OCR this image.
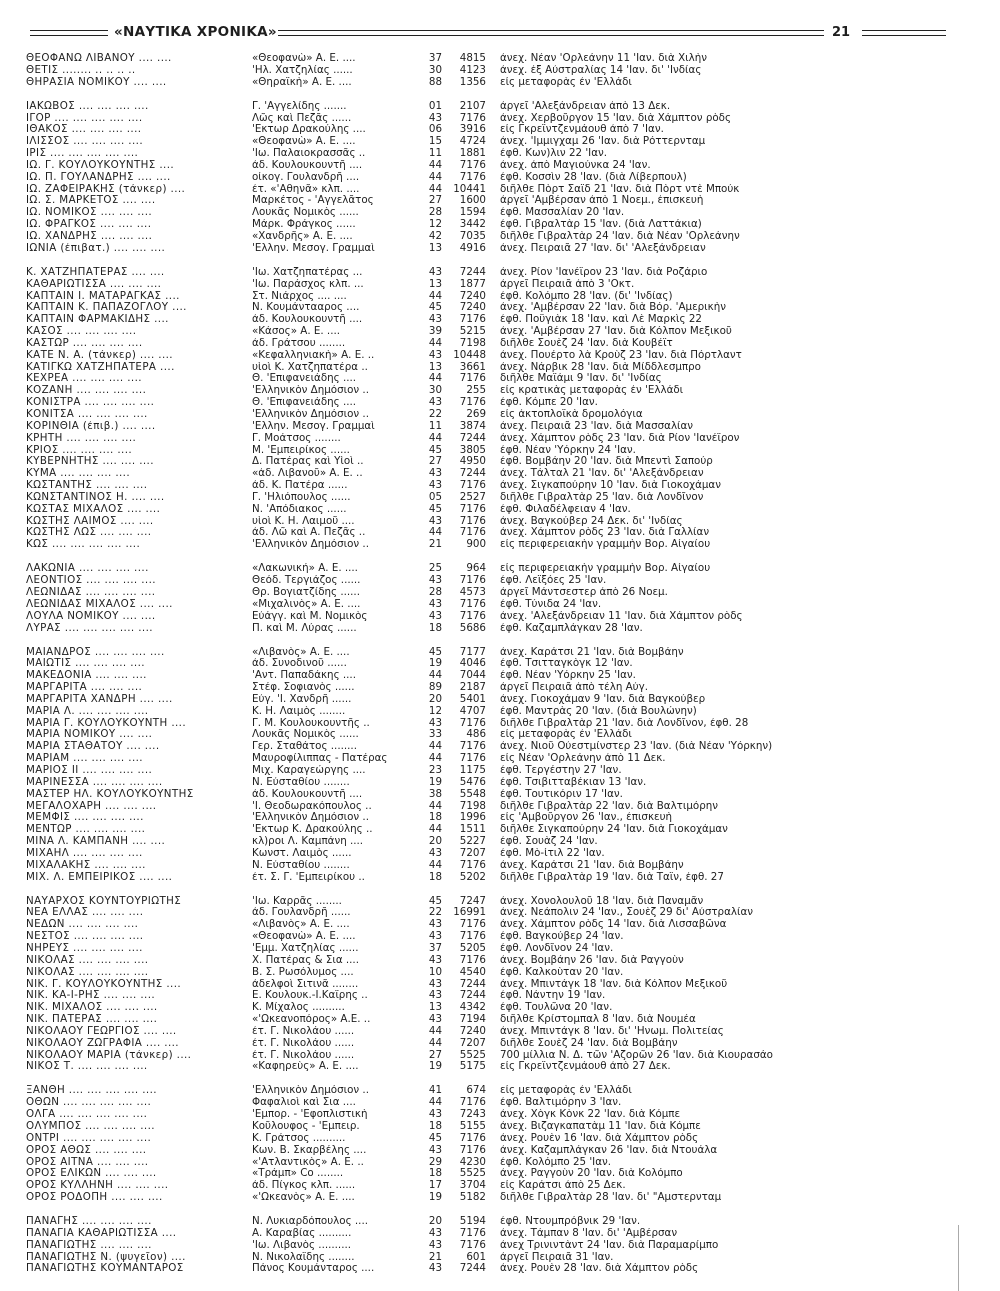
«ΝΑΥΤΙΚΑ ΧΡΟΝΙΚΑ»	21
ΘΕΟΦΑΝΩ ΛΙΒΑΝΟΥ .... ....	«Θεοφανὼ» Α. Ε. ....	37	4815 ἀνεχ. Νέαν 'Ορλεάνην 11 'Ιαν. διὰ Χιλὴν
ΘΕΤΙΣ ........ .. .. .. ..	'Ηλ. Χατζηλίας ......	30	4123 ἀνεχ. ἐξ Αὐστραλίας 14 'Ιαν. δι' 'Ινδίας
ΘΗΡΑΣΙΑ ΝΟΜΙΚΟΥ .... ....	«Θηραϊκὴ» Α. Ε. ....	88	1356 εἰς μεταφορὰς ἐν 'Ελλάδι
ΙΑΚΩΒΟΣ .... .... .... ....	Γ. 'Αγγελίδης .......	01	2107 ἀργεῖ 'Αλεξάνδρειαν ἀπὸ 13 Δεκ.
ΙΓΟΡ .... .... .... .... ....	Λῶς καὶ Πεζᾶς ......	43	7176 ἀνεχ. Χερβοῦργον 15 'Ιαν. διὰ Χάμπτον ρὸδς
ΙΘΑΚΟΣ .... .... .... ....	'Εκτωρ Δρακούλης ....	06	3916 εἰς Γκρεϊντζενμάουθ ἀπὸ 7 'Ιαν.
ΙΛΙΣΣΟΣ .... .... .... ....	«Θεοφανὼ» Α. Ε. ....	15	4724 ἀνεχ. 'Ιμμιγχαμ 26 'Ιαν. διὰ Ρόττερνταμ
ΙΡΙΣ .... .... .... .... ....	'Ιω. Παλαιοκρασσᾶς ..	11	1881 ἐφθ. Κων)λιν 22 'Ιαν.
ΙΩ. Γ. ΚΟΥΛΟΥΚΟΥΝΤΗΣ ....	ἀδ. Κουλουκουντῆ ....	44	7176 ἀνεχ. ἀπὸ Μαγιούνκα 24 'Ιαν.
ΙΩ. Π. ΓΟΥΛΑΝΔΡΗΣ .... ....	οἰκογ. Γουλανδρῆ ....	44	7176 ἐφθ. Κοσσὶν 28 'Ιαν. (διὰ Λίβερπουλ)
ΙΩ. ΖΑΦΕΙΡΑΚΗΣ (τάνκερ) ....	ἐτ. «'Αθηνᾶ» κλπ. ....	44	10441 διῆλθε Πὸρτ Σαΐδ 21 'Ιαν. διὰ Πὸρτ ντὲ Μπούκ
ΙΩ. Σ. ΜΑΡΚΕΤΟΣ .... ....	Μαρκέτος - 'Αγγελᾶτος	27	1600 ἀργεῖ 'Αμβέρσαν ἀπὸ 1 Νοεμ., ἐπισκευὴ
ΙΩ. ΝΟΜΙΚΟΣ .... .... ....	Λουκᾶς Νομικὸς ......	28	1594 ἐφθ. Μασσαλίαν 20 'Ιαν.
ΙΩ. ΦΡΑΓΚΟΣ .... .... ....	Μάρκ. Φράγκος ......	12	3442 ἐφθ. Γιβραλτὰρ 15 'Ιαν. (διὰ Λαττάκια)
ΙΩ. ΧΑΝΔΡΗΣ .... .... ....	«Χανδρῆς» Α. Ε. ....	42	7035 διῆλθε Γιβραλτὰρ 24 'Ιαν. διὰ Νέαν 'Ορλεάνην
ΙΩΝΙΑ (ἐπιβατ.) .... .... ....	'Ελλην. Μεσογ. Γραμμαὶ	13	4916 ἀνεχ. Πειραιᾶ 27 'Ιαν. δι' 'Αλεξάνδρειαν
Κ. ΧΑΤΖΗΠΑΤΕΡΑΣ .... ....	'Ιω. Χατζηπατέρας ...	43	7244 ἀνεχ. Ρίον 'Ιανέϊρον 23 'Ιαν. διὰ Ροζάριο
ΚΑΘΑΡΙΩΤΙΣΣΑ .... .... ....	'Ιω. Παράσχος κλπ. ...	13	1877 ἀργεῖ Πειραιᾶ ἀπὸ 3 'Οκτ.
ΚΑΠΤΑΙΝ Ι. ΜΑΤΑΡΑΓΚΑΣ ....	Στ. Νιάρχος .... ....	44	7240 ἐφθ. Κολόμπο 28 'Ιαν. (δι' 'Ινδίας)
ΚΑΠΤΑΙΝ Κ. ΠΑΠΑΖΟΓΛΟΥ ....	Ν. Κουμάντααρος ....	45	7240 ἀνεχ. 'Αμβέρσαν 22 'Ιαν. διὰ Βόρ. 'Αμερικὴν
ΚΑΠΤΑΙΝ ΦΑΡΜΑΚΙΔΗΣ ....	ἀδ. Κουλουκουντῆ ....	43	7176 ἐφθ. Ποϋγιὰκ 18 'Ιαν. καὶ Λὲ Μαρκὶς 22
ΚΑΣΟΣ .... .... .... ....	«Κάσος» Α. Ε. ....	39	5215 ἀνεχ. 'Αμβέρσαν 27 'Ιαν. διὰ Κόλπον Μεξικοῦ
ΚΑΣΤΩΡ .... .... .... ....	ἀδ. Γράτσου ........	44	7198 διῆλθε Σουὲζ 24 'Ιαν. διὰ Κουβέϊτ
ΚΑΤΕ Ν. Α. (τάνκερ) .... ....	«Κεφαλληνιακὴ» Α. Ε. ..	43	10448 ἀνεχ. Πουέρτο λὰ Κροὺζ 23 'Ιαν. διὰ Πόρτλαντ
ΚΑΤΙΓΚΩ ΧΑΤΖΗΠΑΤΕΡΑ ....	υἱοὶ Κ. Χατζηπατέρα ..	13	3661 ἀνεχ. Νάρβικ 28 'Ιαν. διὰ Μίδδλεσμπρο
ΚΕΧΡΕΑ .... .... .... ....	Θ. 'Επιφανειάδης ....	44	7176 διῆλθε Μαϊάμι 9 'Ιαν. δι' 'Ινδίας
ΚΟΖΑΝΗ .... .... .... ....	'Ελληνικὸν Δημόσιον ..	30	255 εἰς κρατικὰς μεταφορὰς ἐν 'Ελλάδι
ΚΟΝΙΣΤΡΑ .... .... .... ....	Θ. 'Επιφανειάδης ....	43	7176 ἐφθ. Κόμπε 20 'Ιαν.
ΚΟΝΙΤΣΑ .... .... .... ....	'Ελληνικὸν Δημόσιον ..	22	269 εἰς ἀκτοπλοϊκὰ δρομολόγια
ΚΟΡΙΝΘΙΑ (ἐπιβ.) .... ....	'Ελλην. Μεσογ. Γραμμαὶ	11	3874 ἀνεχ. Πειραιᾶ 23 'Ιαν. διὰ Μασσαλίαν
ΚΡΗΤΗ .... .... .... ....	Γ. Μοάτσος ........	44	7244 ἀνεχ. Χάμπτον ρὸδς 23 'Ιαν. διὰ Ρίον 'Ιανέϊρον
ΚΡΙΟΣ .... .... .... ....	Μ. 'Εμπειρίκος ......	45	3805 ἐφθ. Νέαν 'Υόρκην 24 'Ιαν.
ΚΥΒΕΡΝΗΤΗΣ .... .... ....	Δ. Πατέρας καὶ Υἱοὶ ..	27	4950 ἐφθ. Βομβάην 20 'Ιαν. διὰ Μπεντὶ Σαπούρ
ΚΥΜΑ .... .... .... ....	«ἀδ. Λιβανοῦ» Α. Ε. ..	43	7244 ἀνεχ. Τάλταλ 21 'Ιαν. δι' 'Αλεξάνδρειαν
ΚΩΣΤΑΝΤΗΣ .... .... ....	ἀδ. Κ. Πατέρα ......	43	7176 ἀνεχ. Σιγκαπούρην 10 'Ιαν. διὰ Γιοκοχάμαν
ΚΩΝΣΤΑΝΤΙΝΟΣ Η. .... ....	Γ. 'Ηλιόπουλος ......	05	2527 διῆλθε Γιβραλτὰρ 25 'Ιαν. διὰ Λονδῖνον
ΚΩΣΤΑΣ ΜΙΧΑΛΟΣ .... ....	Ν. 'Απόδιακος ......	45	7176 ἐφθ. Φιλαδέλφειαν 4 'Ιαν.
ΚΩΣΤΗΣ ΛΑΙΜΟΣ .... ....	υἱοὶ Κ. Η. Λαιμοῦ ....	43	7176 ἀνεχ. Βαγκούβερ 24 Δεκ. δι' 'Ινδίας
ΚΩΣΤΗΣ ΛΩΣ .... .... ....	ἀδ. Λῶ καὶ Α. Πεζᾶς ..	44	7176 ἀνεχ. Χάμπτον ρὸδς 23 'Ιαν. διὰ Γαλλίαν
ΚΩΣ .... .... .... .... ....	'Ελληνικὸν Δημόσιον ..	21	900 εἰς περιφερειακὴν γραμμὴν Βορ. Αἰγαίου
ΛΑΚΩΝΙΑ .... .... .... ....	«Λακωνική» Α. Ε. ....	25	964 εἰς περιφερειακὴν γραμμὴν Βορ. Αἰγαίου
ΛΕΟΝΤΙΟΣ .... .... .... ....	Θεόδ. Τεργιάζος ......	43	7176 ἐφθ. Λεϊξόες 25 'Ιαν.
ΛΕΩΝΙΔΑΣ .... .... .... ....	Θρ. Βογιατζίδης ......	28	4573 ἀργεῖ Μάντσεστερ ἀπὸ 26 Νοεμ.
ΛΕΩΝΙΔΑΣ ΜΙΧΑΛΟΣ .... ....	«Μιχαλινὸς» Α. Ε. ....	43	7176 ἐφθ. Τύνιδα 24 'Ιαν.
ΛΟΥΛΑ ΝΟΜΙΚΟΥ .... ....	Εὐάγγ. καὶ Μ. Νομικὸς	43	7176 ἀνεχ. 'Αλεξάνδρειαν 11 'Ιαν. διὰ Χάμπτον ρὸδς
ΛΥΡΑΣ .... .... .... .... ....	Π. καὶ Μ. Λύρας ......	18	5686 ἐφθ. Καζαμπλάγκαν 28 'Ιαν.
ΜΑΙΑΝΔΡΟΣ .... .... .... ....	«Λιβανὸς» Α. Ε. ....	45	7177 ἀνεχ. Καράτσι 21 'Ιαν. διὰ Βομβάην
ΜΑΙΩΤΙΣ .... .... .... ....	ἀδ. Συνοδινοῦ ......	19	4046 ἐφθ. Τσιτταγκὸγκ 12 'Ιαν.
ΜΑΚΕΔΟΝΙΑ .... .... ....	'Αντ. Παπαδάκης ....	44	7044 ἐφθ. Νέαν 'Υόρκην 25 'Ιαν.
ΜΑΡΓΑΡΙΤΑ .... .... ....	Στέφ. Σοφιανὸς ......	89	2187 ἀργεῖ Πειραιᾶ ἀπὸ τέλη Αὐγ.
ΜΑΡΓΑΡΙΤΑ ΧΑΝΔΡΗ .... ....	Εὐγ. 'Ι. Χανδρῆ ......	20	5401 ἀνεχ. Γιοκοχάμαν 9 'Ιαν. διὰ Βαγκούβερ
ΜΑΡΙΑ Λ. .... .... .... ....	Κ. Η. Λαιμὸς ........	12	4707 ἐφθ. Μαντρὰς 20 'Ιαν. (διὰ Βουλώνην)
ΜΑΡΙΑ Γ. ΚΟΥΛΟΥΚΟΥΝΤΗ ....	Γ. Μ. Κουλουκουντῆς ..	43	7176 διῆλθε Γιβραλτὰρ 21 'Ιαν. διὰ Λονδῖνον, ἐφθ. 28
ΜΑΡΙΑ ΝΟΜΙΚΟΥ .... ....	Λουκᾶς Νομικὸς ......	33	486 εἰς μεταφορὰς ἐν 'Ελλάδι
ΜΑΡΙΑ ΣΤΑΘΑΤΟΥ .... ....	Γερ. Σταθάτος ........	44	7176 ἀνεχ. Νιοῦ Οὐεστμίνστερ 23 'Ιαν. (διὰ Νέαν 'Υόρκην)
ΜΑΡΙΑΜ .... .... .... ....	Μαυροφίλιππας - Πατέρας	44	7176 εἰς Νέαν 'Ορλεάνην ἀπὸ 11 Δεκ.
ΜΑΡΙΟΣ ΙΙ .... .... .... ....	Μιχ. Καραγεώργης ....	23	1175 ἐφθ. Τεργέστην 27 'Ιαν.
ΜΑΡΙΝΕΣΣΑ .... .... .... ....	Ν. Εὐσταθίου ........	19	5476 ἐφθ. Τσιβιτταβέκιαν 13 'Ιαν.
ΜΑΣΤΕΡ ΗΛ. ΚΟΥΛΟΥΚΟΥΝΤΗΣ	ἀδ. Κουλουκουντῆ ....	38	5548 ἐφθ. Τουτικόριν 17 'Ιαν.
ΜΕΓΑΛΟΧΑΡΗ .... .... ....	'Ι. Θεοδωρακόπουλος ..	44	7198 διῆλθε Γιβραλτὰρ 22 'Ιαν. διὰ Βαλτιμόρην
ΜΕΜΦΙΣ .... .... .... ....	'Ελληνικὸν Δημόσιον ..	18	1996 εἰς 'Αμβοῦργον 26 'Ιαν., ἐπισκευὴ
ΜΕΝΤΩΡ .... .... .... ....	'Εκτωρ Κ. Δρακούλης ..	44	1511 διῆλθε Σιγκαπούρην 24 'Ιαν. διὰ Γιοκοχάμαν
ΜΙΝΑ Λ. ΚΑΜΠΑΝΗ .... ....	κλ)ροι Λ. Καμπάνη ....	20	5227 ἐφθ. Σουὰζ 24 'Ιαν.
ΜΙΧΑΗΛ .... .... .... ....	Κωνστ. Λαιμὸς ......	43	7207 ἐφθ. Μὸ-ἰτιλ 22 'Ιαν.
ΜΙΧΑΛΑΚΗΣ .... .... ....	Ν. Εὐσταθίου ........	44	7176 ἀνεχ. Καράτσι 21 'Ιαν. διὰ Βομβάην
ΜΙΧ. Λ. ΕΜΠΕΙΡΙΚΟΣ .... ....	ἐτ. Σ. Γ. 'Εμπειρίκου ..	18	5202 διῆλθε Γιβραλτὰρ 19 'Ιαν. διὰ Ταΐν, ἐφθ. 27
ΝΑΥΑΡΧΟΣ ΚΟΥΝΤΟΥΡΙΩΤΗΣ	'Ιω. Καρρᾶς ........	45	7247 ἀνεχ. Χονολουλοῦ 18 'Ιαν. διὰ Παναμᾶν
ΝΕΑ ΕΛΛΑΣ .... .... ....	ἀδ. Γουλανδρῆ ......	22	16991 ἀνεχ. Νεάπολιν 24 'Ιαν., Σουὲζ 29 δι' Αὐστραλίαν
ΝΕΔΩΝ .... .... .... ....	«Λιβανὸς» Α. Ε. ....	43	7176 ἀνεχ. Χάμπτον ρὸδς 14 'Ιαν. διὰ Λισσαβῶνα
ΝΕΣΤΟΣ .... .... .... ....	«Θεοφανὼ» Α. Ε. ....	43	7176 ἐφθ. Βαγκούβερ 24 'Ιαν.
ΝΗΡΕΥΣ .... .... .... ....	'Εμμ. Χατζηλίας ......	37	5205 ἐφθ. Λονδῖνον 24 'Ιαν.
ΝΙΚΟΛΑΣ .... .... .... ....	Χ. Πατέρας & Σια ....	43	7176 ἀνεχ. Βομβάην 26 'Ιαν. διὰ Ραγγοὺν
ΝΙΚΟΛΑΣ .... .... .... ....	Β. Σ. Ρωσόλυμος ....	10	4540 ἐφθ. Καλκοὺταν 20 'Ιαν.
ΝΙΚ. Γ. ΚΟΥΛΟΥΚΟΥΝΤΗΣ ....	ἀδελφοὶ Σιτινᾶ ........	43	7244 ἀνεχ. Μπιντάγκ 18 'Ιαν. διὰ Κόλπον Μεξικοῦ
ΝΙΚ. ΚΑ-Ι-ΡΗΣ .... .... ....	Ε. Κουλουκ.-Ι.Καΐρης ..	43	7244 ἐφθ. Νάντην 19 'Ιαν.
ΝΙΚ. ΜΙΧΑΛΟΣ .... .... ....	Κ. Μίχαλος ..........	13	4342 ἐφθ. Τουλῶνα 20 'Ιαν.
ΝΙΚ. ΠΑΤΕΡΑΣ .... .... ....	«'Ωκεανοπόρος» Α.Ε. ..	43	7194 διῆλθε Κρίστομπαλ 8 'Ιαν. διὰ Νουμέα
ΝΙΚΟΛΑΟΥ ΓΕΩΡΓΙΟΣ .... ....	ἐτ. Γ. Νικολάου ......	44	7240 ἀνεχ. Μπιντάγκ 8 'Ιαν. δι' 'Ηνωμ. Πολιτείας
ΝΙΚΟΛΑΟΥ ΖΩΓΡΑΦΙΑ .... ....	ἐτ. Γ. Νικολάου ......	44	7207 διῆλθε Σουὲζ 24 'Ιαν. διὰ Βομβάην
ΝΙΚΟΛΑΟΥ ΜΑΡΙΑ (τάνκερ) ....	ἐτ. Γ. Νικολάου ......	27	5525 700 μίλλια Ν. Δ. τῶν 'Αζορῶν 26 'Ιαν. διὰ Κιουρασάο
ΝΙΚΟΣ Τ. .... .... .... ....	«Καφηρεὺς» Α. Ε. ....	19	5175 εἰς Γκρεϊντζενμάουθ ἀπὸ 27 Δεκ.
ΞΑΝΘΗ .... .... .... .... ....	'Ελληνικὸν Δημόσιον ..	41	674 εἰς μεταφορὰς ἐν 'Ελλάδι
ΟΘΩΝ .... .... .... .... ....	Φαφαλιοὶ καὶ Σια ....	44	7176 ἐφθ. Βαλτιμόρην 3 'Ιαν.
ΟΛΓΑ .... .... .... .... ....	'Εμπορ. - 'Εφοπλιστικὴ	43	7243 ἀνεχ. Χὸγκ Κὸνκ 22 'Ιαν. διὰ Κόμπε
ΟΛΥΜΠΟΣ .... .... .... ....	Κοῦλουφος - 'Εμπειρ.	18	5155 ἀνεχ. Βιζαγκαπατὰμ 11 'Ιαν. διὰ Κόμπε
ΟΝΤΡΙ .... .... .... .... ....	Κ. Γράτσος ..........	45	7176 ἀνεχ. Ρουὲν 16 'Ιαν. διὰ Χάμπτον ρὸδς
ΟΡΟΣ ΑΘΩΣ .... .... ....	Κων. Β. Σκαρβέλης ....	43	7176 ἀνεχ. Καζαμπλάγκαν 26 'Ιαν. διὰ Ντουάλα
ΟΡΟΣ ΑΙΤΝΑ .... .... ....	«'Ατλαντικὸς» Α. Ε. ..	29	4230 ἐφθ. Κολόμπο 25 'Ιαν.
ΟΡΟΣ ΕΛΙΚΩΝ .... .... ....	«Τράμπ» Co ........	18	5525 ἀνεχ. Ραγγοὺν 20 'Ιαν. διὰ Κολόμπο
ΟΡΟΣ ΚΥΛΛΗΝΗ .... .... ....	ἀδ. Πίγκος κλπ. ......	17	3704 εἰς Καράτσι ἀπὸ 25 Δεκ.
ΟΡΟΣ ΡΟΔΟΠΗ .... .... ....	«'Ωκεανὸς» Α. Ε. ....	19	5182 διῆλθε Γιβραλτὰρ 28 'Ιαν. δι' "Αμστερνταμ
ΠΑΝΑΓΗΣ .... .... .... ....	Ν. Λυκιαρδόπουλος ....	20	5194 ἐφθ. Ντουμπρόβνικ 29 'Ιαν.
ΠΑΝΑΓΙΑ ΚΑΘΑΡΙΩΤΙΣΣΑ ....	Α. Καραβίας ..........	43	7176 ἀνεχ. Τάμπαν 8 'Ιαν. δι' 'Αμβέρσαν
ΠΑΝΑΓΙΩΤΗΣ .... .... ....	'Ιω. Λιβανὸς ..........	43	7176 ἀνεχ Τρινιντὰντ 24 'Ιαν. διὰ Παραμαρίμπο
ΠΑΝΑΓΙΩΤΗΣ Ν. (ψυγεῖον) ....	Ν. Νικολαΐδης ........	21	601 ἀργεῖ Πειραιᾶ 31 'Ιαν.
ΠΑΝΑΓΙΩΤΗΣ ΚΟΥΜΑΝΤΑΡΟΣ	Πάνος Κουμάνταρος ....	43	7244 ἀνεχ. Ρουὲν 28 'Ιαν. διὰ Χάμπτον ρὸδς
